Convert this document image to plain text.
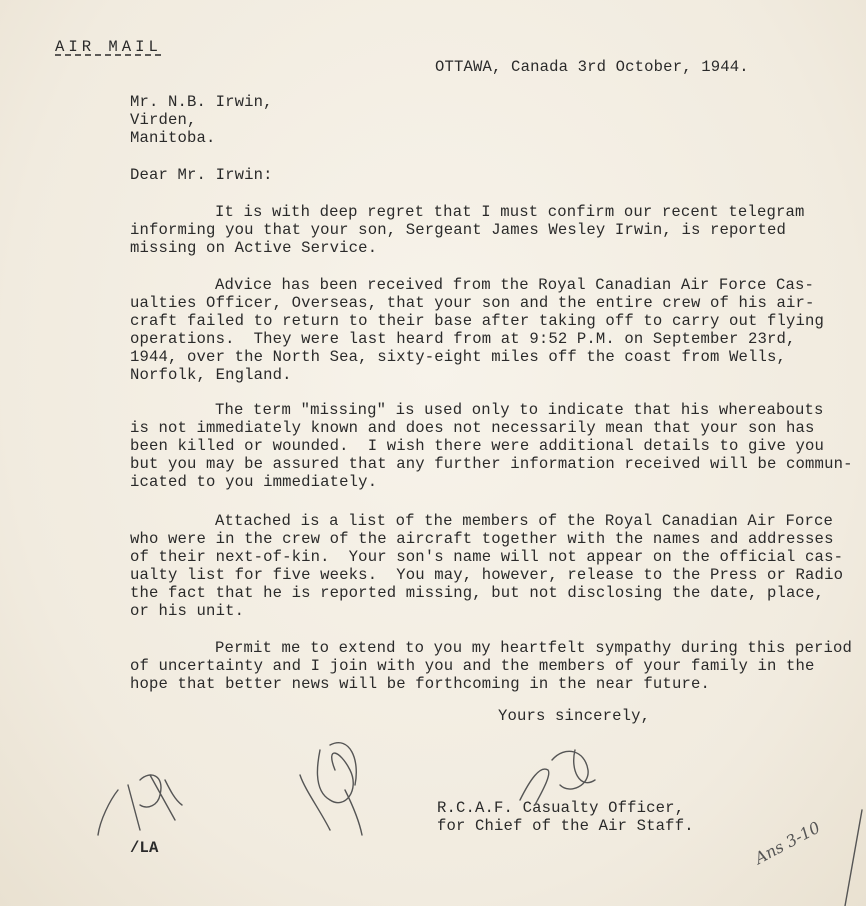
AIR MAIL
OTTAWA, Canada 3rd October, 1944.
Mr. N.B. Irwin,
Virden,
Manitoba.
Dear Mr. Irwin:
It is with deep regret that I must confirm our recent telegram
informing you that your son, Sergeant James Wesley Irwin, is reported
missing on Active Service.
Advice has been received from the Royal Canadian Air Force Cas-
ualties Officer, Overseas, that your son and the entire crew of his air-
craft failed to return to their base after taking off to carry out flying
operations.  They were last heard from at 9:52 P.M. on September 23rd,
1944, over the North Sea, sixty-eight miles off the coast from Wells,
Norfolk, England.
The term "missing" is used only to indicate that his whereabouts
is not immediately known and does not necessarily mean that your son has
been killed or wounded.  I wish there were additional details to give you
but you may be assured that any further information received will be commun-
icated to you immediately.
Attached is a list of the members of the Royal Canadian Air Force
who were in the crew of the aircraft together with the names and addresses
of their next-of-kin.  Your son's name will not appear on the official cas-
ualty list for five weeks.  You may, however, release to the Press or Radio
the fact that he is reported missing, but not disclosing the date, place,
or his unit.
Permit me to extend to you my heartfelt sympathy during this period
of uncertainty and I join with you and the members of your family in the
hope that better news will be forthcoming in the near future.
Yours sincerely,
R.C.A.F. Casualty Officer,
for Chief of the Air Staff.
/LA	Ans 3-10
